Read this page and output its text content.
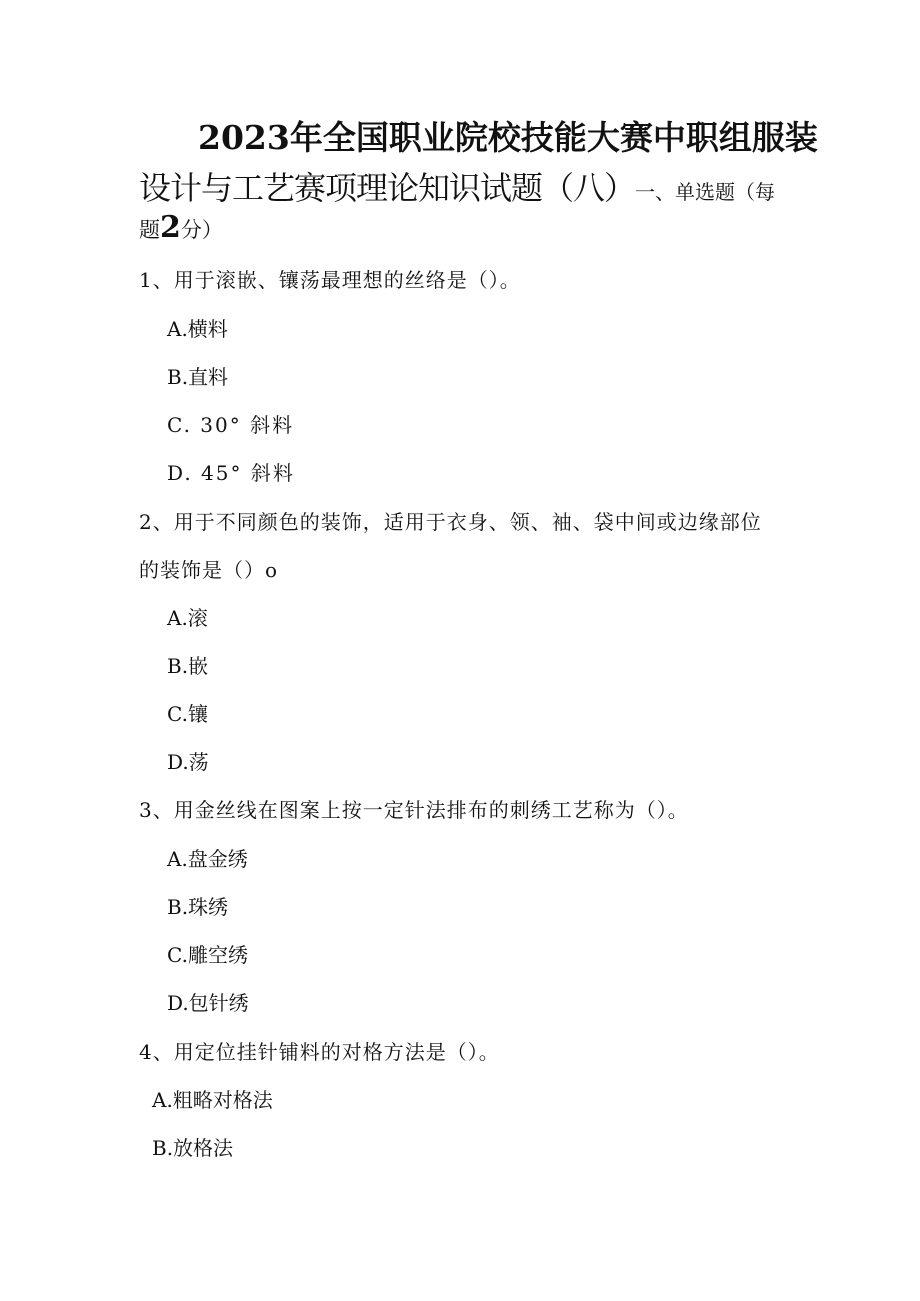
2023年全国职业院校技能大赛中职组服装
设计与工艺赛项理论知识试题（八）一、单选题（每
题2分）
1、用于滚嵌、镶荡最理想的丝络是（）。
A.横料
B.直料
C. 30° 斜料
D. 45° 斜料
2、用于不同颜色的装饰，适用于衣身、领、袖、袋中间或边缘部位
的装饰是（）o
A.滚
B.嵌
C.镶
D.荡
3、用金丝线在图案上按一定针法排布的刺绣工艺称为（）。
A.盘金绣
B.珠绣
C.雕空绣
D.包针绣
4、用定位挂针铺料的对格方法是（）。
A.粗略对格法
B.放格法
